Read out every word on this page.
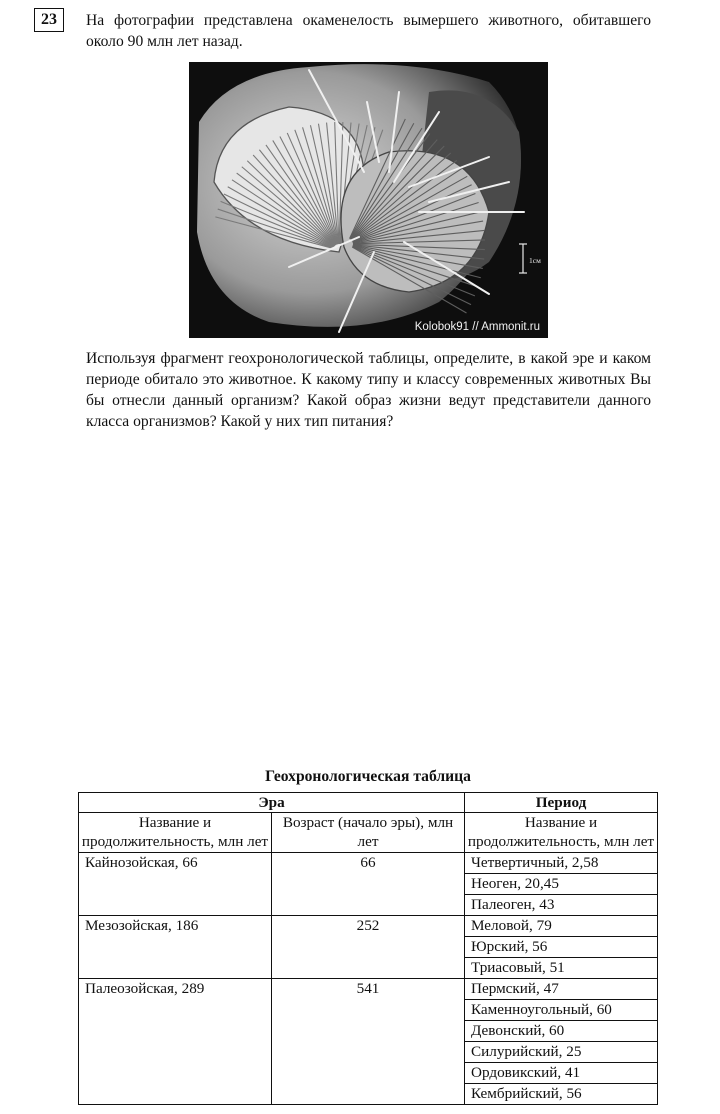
23	На фотографии представлена окаменелость вымершего животного, обитавшего около 90 млн лет назад.
1см
Kolobok91 // Ammonit.ru
Используя фрагмент геохронологической таблицы, определите, в какой эре и каком периоде обитало это животное. К какому типу и классу современных животных Вы бы отнесли данный организм? Какой образ жизни ведут представители данного класса организмов? Какой у них тип питания?
Геохронологическая таблица
Эра		Период
Название и продолжительность, млн лет	Возраст (начало эры), млн лет	Название и продолжительность, млн лет
Кайнозойская, 66	66	Четвертичный, 2,58
		Неоген, 20,45
		Палеоген, 43
Мезозойская, 186	252	Меловой, 79
		Юрский, 56
		Триасовый, 51
Палеозойская, 289	541	Пермский, 47
		Каменноугольный, 60
		Девонский, 60
		Силурийский, 25
		Ордовикский, 41
		Кембрийский, 56
